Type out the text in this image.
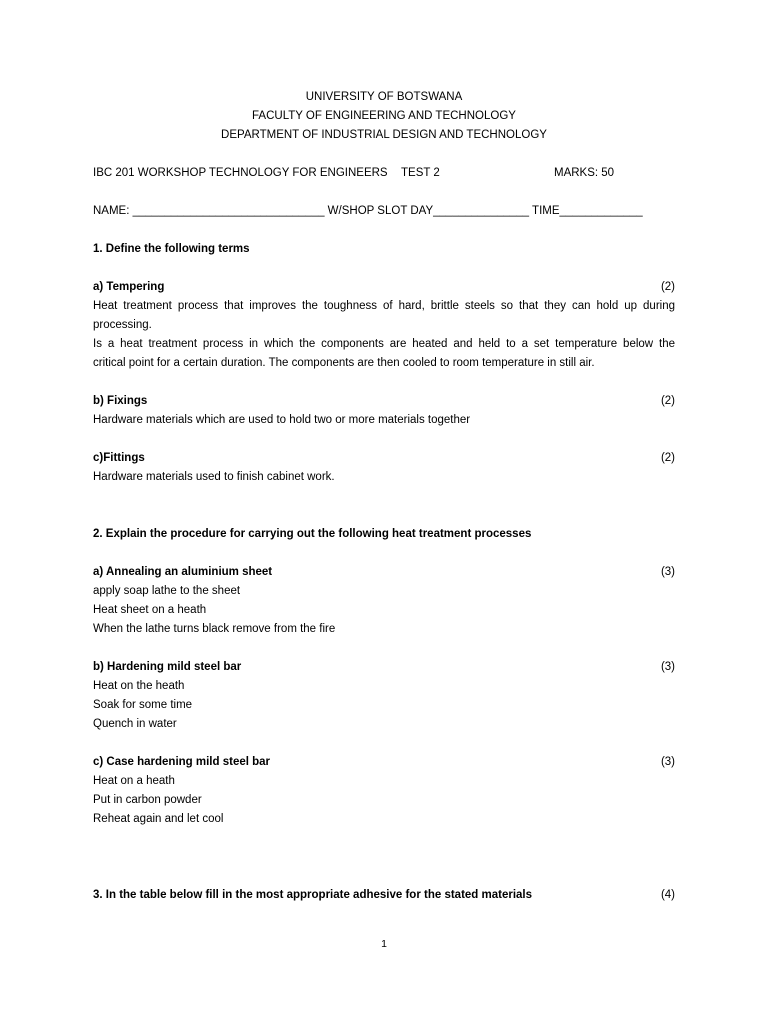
UNIVERSITY OF BOTSWANA
FACULTY OF ENGINEERING AND TECHNOLOGY
DEPARTMENT OF INDUSTRIAL DESIGN AND TECHNOLOGY
IBC 201 WORKSHOP TECHNOLOGY FOR ENGINEERS TEST 2	MARKS: 50
NAME: ______________________________ W/SHOP SLOT DAY_______________ TIME_____________
1. Define the following terms
a) Tempering	(2)
Heat treatment process that improves the toughness of hard, brittle steels so that they can hold up during
processing.
Is a heat treatment process in which the components are heated and held to a set temperature below the
critical point for a certain duration. The components are then cooled to room temperature in still air.
b) Fixings	(2)
Hardware materials which are used to hold two or more materials together
c)Fittings	(2)
Hardware materials used to finish cabinet work.
2. Explain the procedure for carrying out the following heat treatment processes
a) Annealing an aluminium sheet	(3)
apply soap lathe to the sheet
Heat sheet on a heath
When the lathe turns black remove from the fire
b) Hardening mild steel bar	(3)
Heat on the heath
Soak for some time
Quench in water
c) Case hardening mild steel bar	(3)
Heat on a heath
Put in carbon powder
Reheat again and let cool
3. In the table below fill in the most appropriate adhesive for the stated materials	(4)
1
